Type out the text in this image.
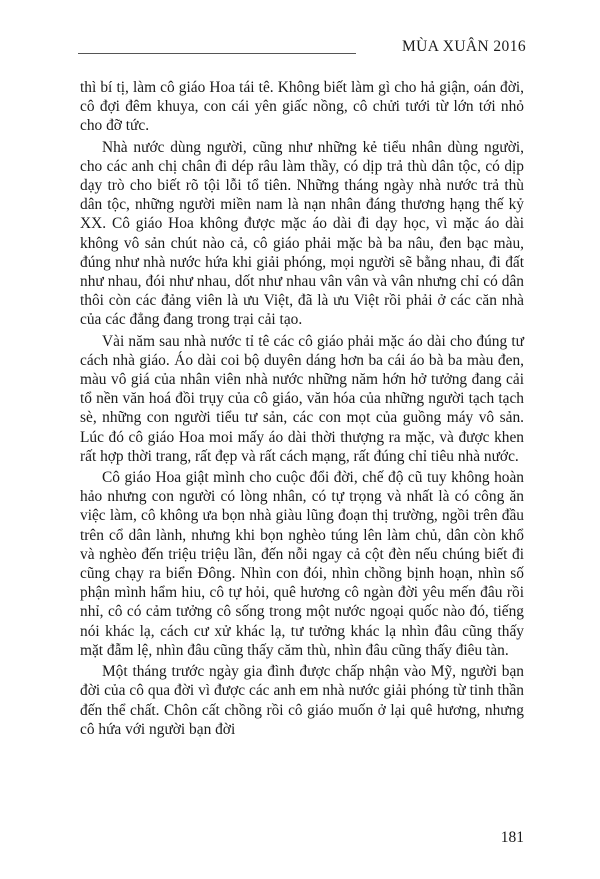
MÙA XUÂN 2016

thì bí tị, làm cô giáo Hoa tái tê. Không biết làm gì cho hả giận, oán đời, cô đợi đêm khuya, con cái yên giấc nồng, cô chửi tưới từ lớn tới nhỏ cho đỡ tức.

Nhà nước dùng người, cũng như những kẻ tiểu nhân dùng người, cho các anh chị chân đi dép râu làm thầy, có dịp trả thù dân tộc, có dịp dạy trò cho biết rõ tội lỗi tổ tiên. Những tháng ngày nhà nước trả thù dân tộc, những người miền nam là nạn nhân đáng thương hạng thế kỷ XX. Cô giáo Hoa không được mặc áo dài đi dạy học, vì mặc áo dài không vô sản chút nào cả, cô giáo phải mặc bà ba nâu, đen bạc màu, đúng như nhà nước hứa khi giải phóng, mọi người sẽ bằng nhau, đi đất như nhau, đói như nhau, dốt như nhau vân vân và vân nhưng chỉ có dân thôi còn các đảng viên là ưu Việt, đã là ưu Việt rồi phải ở các căn nhà của các đẳng đang trong trại cải tạo.

Vài năm sau nhà nước tỉ tê các cô giáo phải mặc áo dài cho đúng tư cách nhà giáo. Áo dài coi bộ duyên dáng hơn ba cái áo bà ba màu đen, màu vô giá của nhân viên nhà nước những năm hớn hở tưởng đang cải tổ nền văn hoá đồi trụy của cô giáo, văn hóa của những người tạch tạch sè, những con người tiểu tư sản, các con mọt của guồng máy vô sản. Lúc đó cô giáo Hoa moi mấy áo dài thời thượng ra mặc, và được khen rất hợp thời trang, rất đẹp và rất cách mạng, rất đúng chỉ tiêu nhà nước.

Cô giáo Hoa giật mình cho cuộc đổi đời, chế độ cũ tuy không hoàn hảo nhưng con người có lòng nhân, có tự trọng và nhất là có công ăn việc làm, cô không ưa bọn nhà giàu lũng đoạn thị trường, ngồi trên đầu trên cổ dân lành, nhưng khi bọn nghèo túng lên làm chủ, dân còn khổ và nghèo đến triệu triệu lần, đến nỗi ngay cả cột đèn nếu chúng biết đi cũng chạy ra biển Đông. Nhìn con đói, nhìn chồng bịnh hoạn, nhìn số phận mình hẩm hiu, cô tự hỏi, quê hương cô ngàn đời yêu mến đâu rồi nhỉ, cô có cảm tưởng cô sống trong một nước ngoại quốc nào đó, tiếng nói khác lạ, cách cư xử khác lạ, tư tưởng khác lạ nhìn đâu cũng thấy mặt đẫm lệ, nhìn đâu cũng thấy căm thù, nhìn đâu cũng thấy điêu tàn.

Một tháng trước ngày gia đình được chấp nhận vào Mỹ, người bạn đời của cô qua đời vì được các anh em nhà nước giải phóng từ tinh thần đến thể chất. Chôn cất chồng rồi cô giáo muốn ở lại quê hương, nhưng cô hứa với người bạn đời

181
